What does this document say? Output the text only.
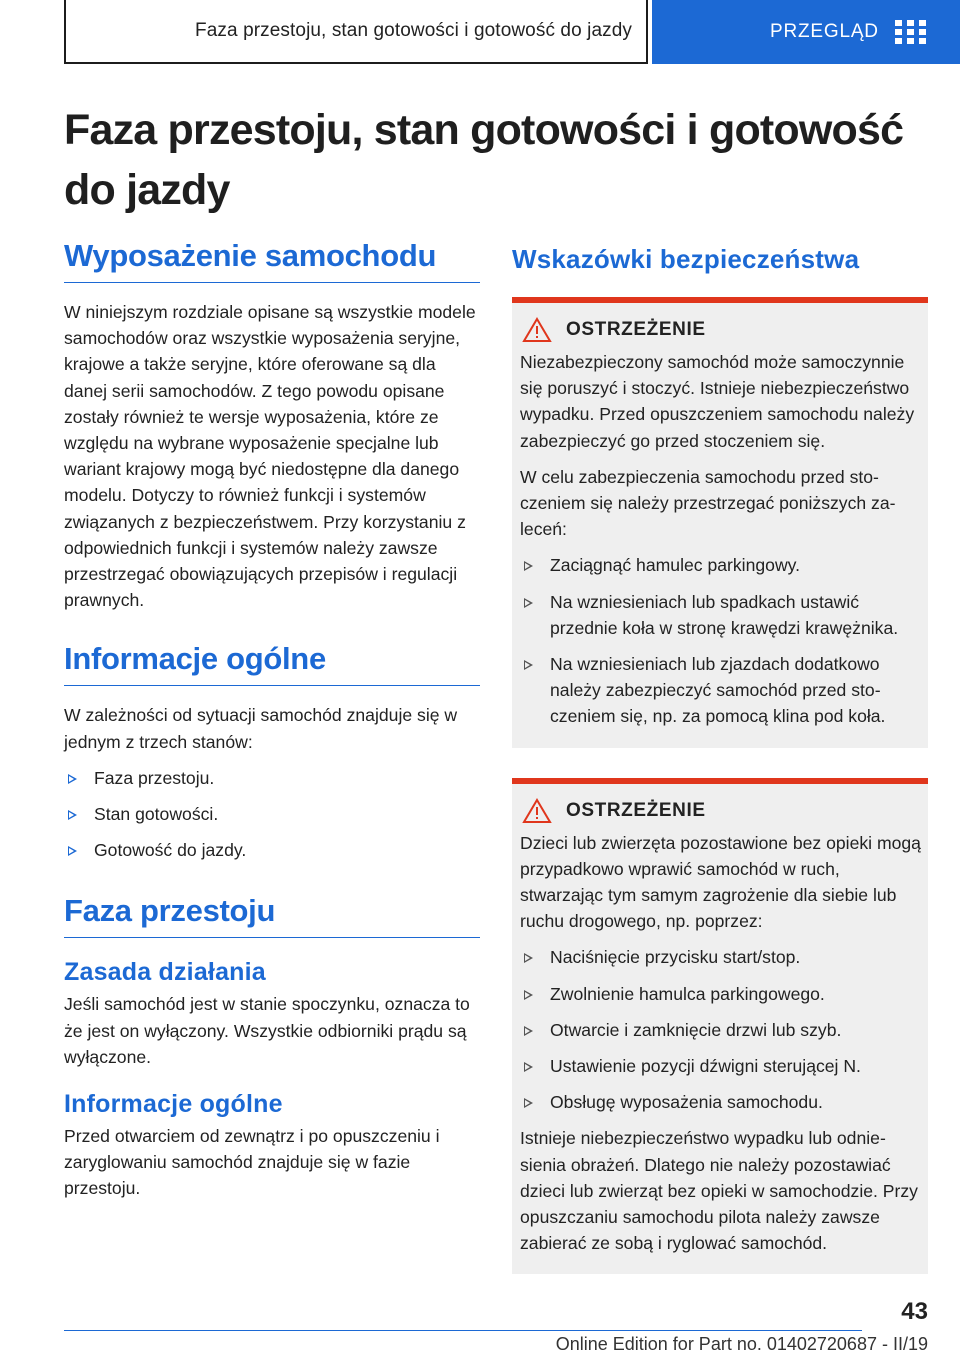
Faza przestoju, stan gotowości i gotowość do jazdy	PRZEGLĄD
Faza przestoju, stan gotowości i gotowość do jazdy
Wyposażenie samochodu

W niniejszym rozdziale opisane są wszystkie modele samochodów oraz wszystkie wyposażenia seryjne, krajowe a także seryjne, które oferowane są dla danej serii samochodów. Z tego powodu opisane zostały również te wersje wyposażenia, które ze względu na wybrane wyposażenie specjalne lub wariant krajowy mogą być niedostępne dla danego modelu. Dotyczy to również funkcji i systemów związanych z bezpieczeństwem. Przy korzystaniu z odpowiednich funkcji i systemów należy zawsze przestrzegać obowiązujących przepisów i regulacji prawnych.

Informacje ogólne

W zależności od sytuacji samochód znajduje się w jednym z trzech stanów:

Faza przestoju.
Stan gotowości.
Gotowość do jazdy.
Faza przestoju
Zasada działania

Jeśli samochód jest w stanie spoczynku, oznacza to że jest on wyłączony. Wszystkie odbiorniki prądu są wyłączone.

Informacje ogólne

Przed otwarciem od zewnątrz i po opuszczeniu i zaryglowaniu samochód znajduje się w fazie przestoju.

Wskazówki bezpieczeństwa
OSTRZEŻENIE

Niezabezpieczony samochód może samoczynnie się poruszyć i stoczyć. Istnieje niebezpieczeństwo wypadku. Przed opuszczeniem samochodu należy zabezpieczyć go przed stoczeniem się.

W celu zabezpieczenia samochodu przed stoczeniem się należy przestrzegać poniższych zaleceń:

Zaciągnąć hamulec parkingowy.
Na wzniesieniach lub spadkach ustawić przednie koła w stronę krawędzi krawężnika.
Na wzniesieniach lub zjazdach dodatkowo należy zabezpieczyć samochód przed stoczeniem się, np. za pomocą klina pod koła.
OSTRZEŻENIE

Dzieci lub zwierzęta pozostawione bez opieki mogą przypadkowo wprawić samochód w ruch, stwarzając tym samym zagrożenie dla siebie lub ruchu drogowego, np. poprzez:

Naciśnięcie przycisku start/stop.
Zwolnienie hamulca parkingowego.
Otwarcie i zamknięcie drzwi lub szyb.
Ustawienie pozycji dźwigni sterującej N.
Obsługę wyposażenia samochodu.

Istnieje niebezpieczeństwo wypadku lub odniesienia obrażeń. Dlatego nie należy pozostawiać dzieci lub zwierząt bez opieki w samochodzie. Przy opuszczaniu samochodu pilota należy zawsze zabierać ze sobą i ryglować samochód.

43
Online Edition for Part no. 01402720687 - II/19
